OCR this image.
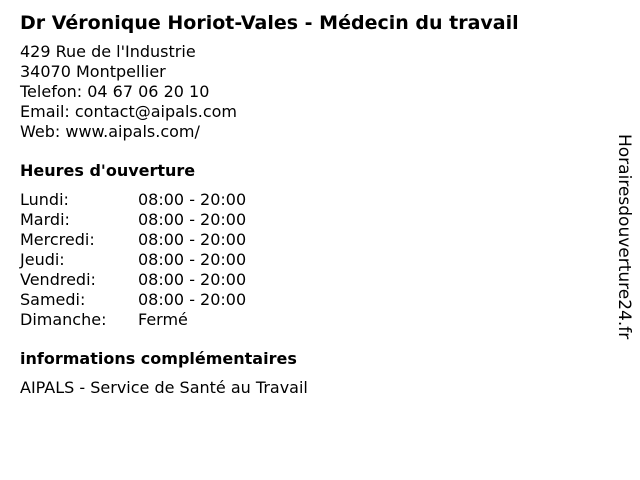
Dr Véronique Horiot-Vales - Médecin du travail
429 Rue de l'Industrie
34070 Montpellier
Telefon: 04 67 06 20 10
Email: contact@aipals.com
Web: www.aipals.com/
Heures d'ouverture
Lundi:	08:00 - 20:00
Mardi:	08:00 - 20:00
Mercredi:	08:00 - 20:00
Jeudi:	08:00 - 20:00
Vendredi:	08:00 - 20:00
Samedi:	08:00 - 20:00
Dimanche:	Fermé
informations complémentaires
AIPALS - Service de Santé au Travail
Horairesdouverture24.fr
